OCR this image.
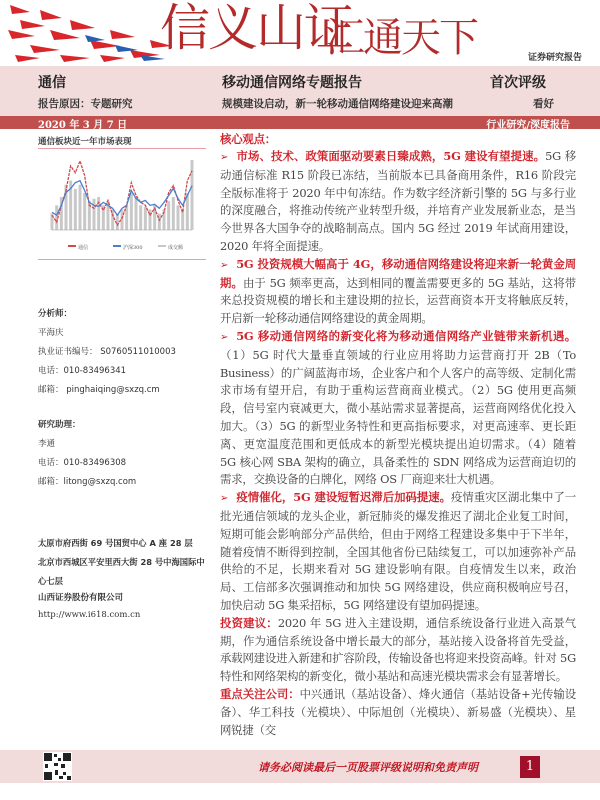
信义山证
汇通天下	证券研究报告
通信	移动通信网络专题报告	首次评级
报告原因：专题研究	规模建设启动，新一轮移动通信网络建设迎来高潮	看好
2020 年 3 月 7 日	行业研究/深度报告
通信板块近一年市场表现
通信	沪深300	成交额
分析师：
平海庆
执业证书编号： S0760511010003
电话：010-83496341
邮箱： pinghaiqing@sxzq.cm
研究助理：
李通
电话：010-83496308
邮箱：litong@sxzq.com
太原市府西街 69 号国贸中心 A 座 28 层
北京市西城区平安里西大街 28 号中海国际中心七层
山西证券股份有限公司
http://www.i618.com.cn

核心观点：

➢ 市场、技术、政策面驱动要素日臻成熟，5G 建设有望提速。5G 移动通信标准 R15 阶段已冻结，当前版本已具备商用条件，R16 阶段完全版标准将于 2020 年中旬冻结。作为数字经济新引擎的 5G 与多行业的深度融合，将推动传统产业转型升级，并培育产业发展新业态，是当今世界各大国争夺的战略制高点。国内 5G 经过 2019 年试商用建设，2020 年将全面提速。

➢ 5G 投资规模大幅高于 4G，移动通信网络建设将迎来新一轮黄金周期。由于 5G 频率更高，达到相同的覆盖需要更多的 5G 基站，这将带来总投资规模的增长和主建设期的拉长，运营商资本开支将触底反转，开启新一轮移动通信网络建设的黄金周期。

➢ 5G 移动通信网络的新变化将为移动通信网络产业链带来新机遇。（1）5G 时代大量垂直领域的行业应用将助力运营商打开 2B（To Business）的广阔蓝海市场，企业客户和个人客户的高等级、定制化需求市场有望开启，有助于重构运营商商业模式。（2）5G 使用更高频段，信号室内衰减更大，微小基站需求显著提高，运营商网络优化投入加大。（3）5G 的新型业务特性和更高指标要求，对更高速率、更长距离、更宽温度范围和更低成本的新型光模块提出迫切需求。（4）随着 5G 核心网 SBA 架构的确立，具备柔性的 SDN 网络成为运营商迫切的需求，交换设备的白牌化，网络 OS 厂商迎来壮大机遇。

➢ 疫情催化，5G 建设短暂迟滞后加码提速。疫情重灾区湖北集中了一批光通信领域的龙头企业，新冠肺炎的爆发推迟了湖北企业复工时间，短期可能会影响部分产品供给，但由于网络工程建设多集中于下半年，随着疫情不断得到控制，全国其他省份已陆续复工，可以加速弥补产品供给的不足，长期来看对 5G 建设影响有限。自疫情发生以来，政治局、工信部多次强调推动和加快 5G 网络建设，供应商积极响应号召，加快启动 5G 集采招标，5G 网络建设有望加码提速。

投资建议：2020 年 5G 进入主建设期，通信系统设备行业进入高景气期，作为通信系统设备中增长最大的部分，基站接入设备将首先受益，承载网建设进入新建和扩容阶段，传输设备也将迎来投资高峰。针对 5G 特性和网络架构的新变化，微小基站和高速光模块需求会有显著增长。

重点关注公司：中兴通讯（基站设备）、烽火通信（基站设备+光传输设备）、华工科技（光模块）、中际旭创（光模块）、新易盛（光模块）、星网锐捷（交

请务必阅读最后一页股票评级说明和免责声明	1
